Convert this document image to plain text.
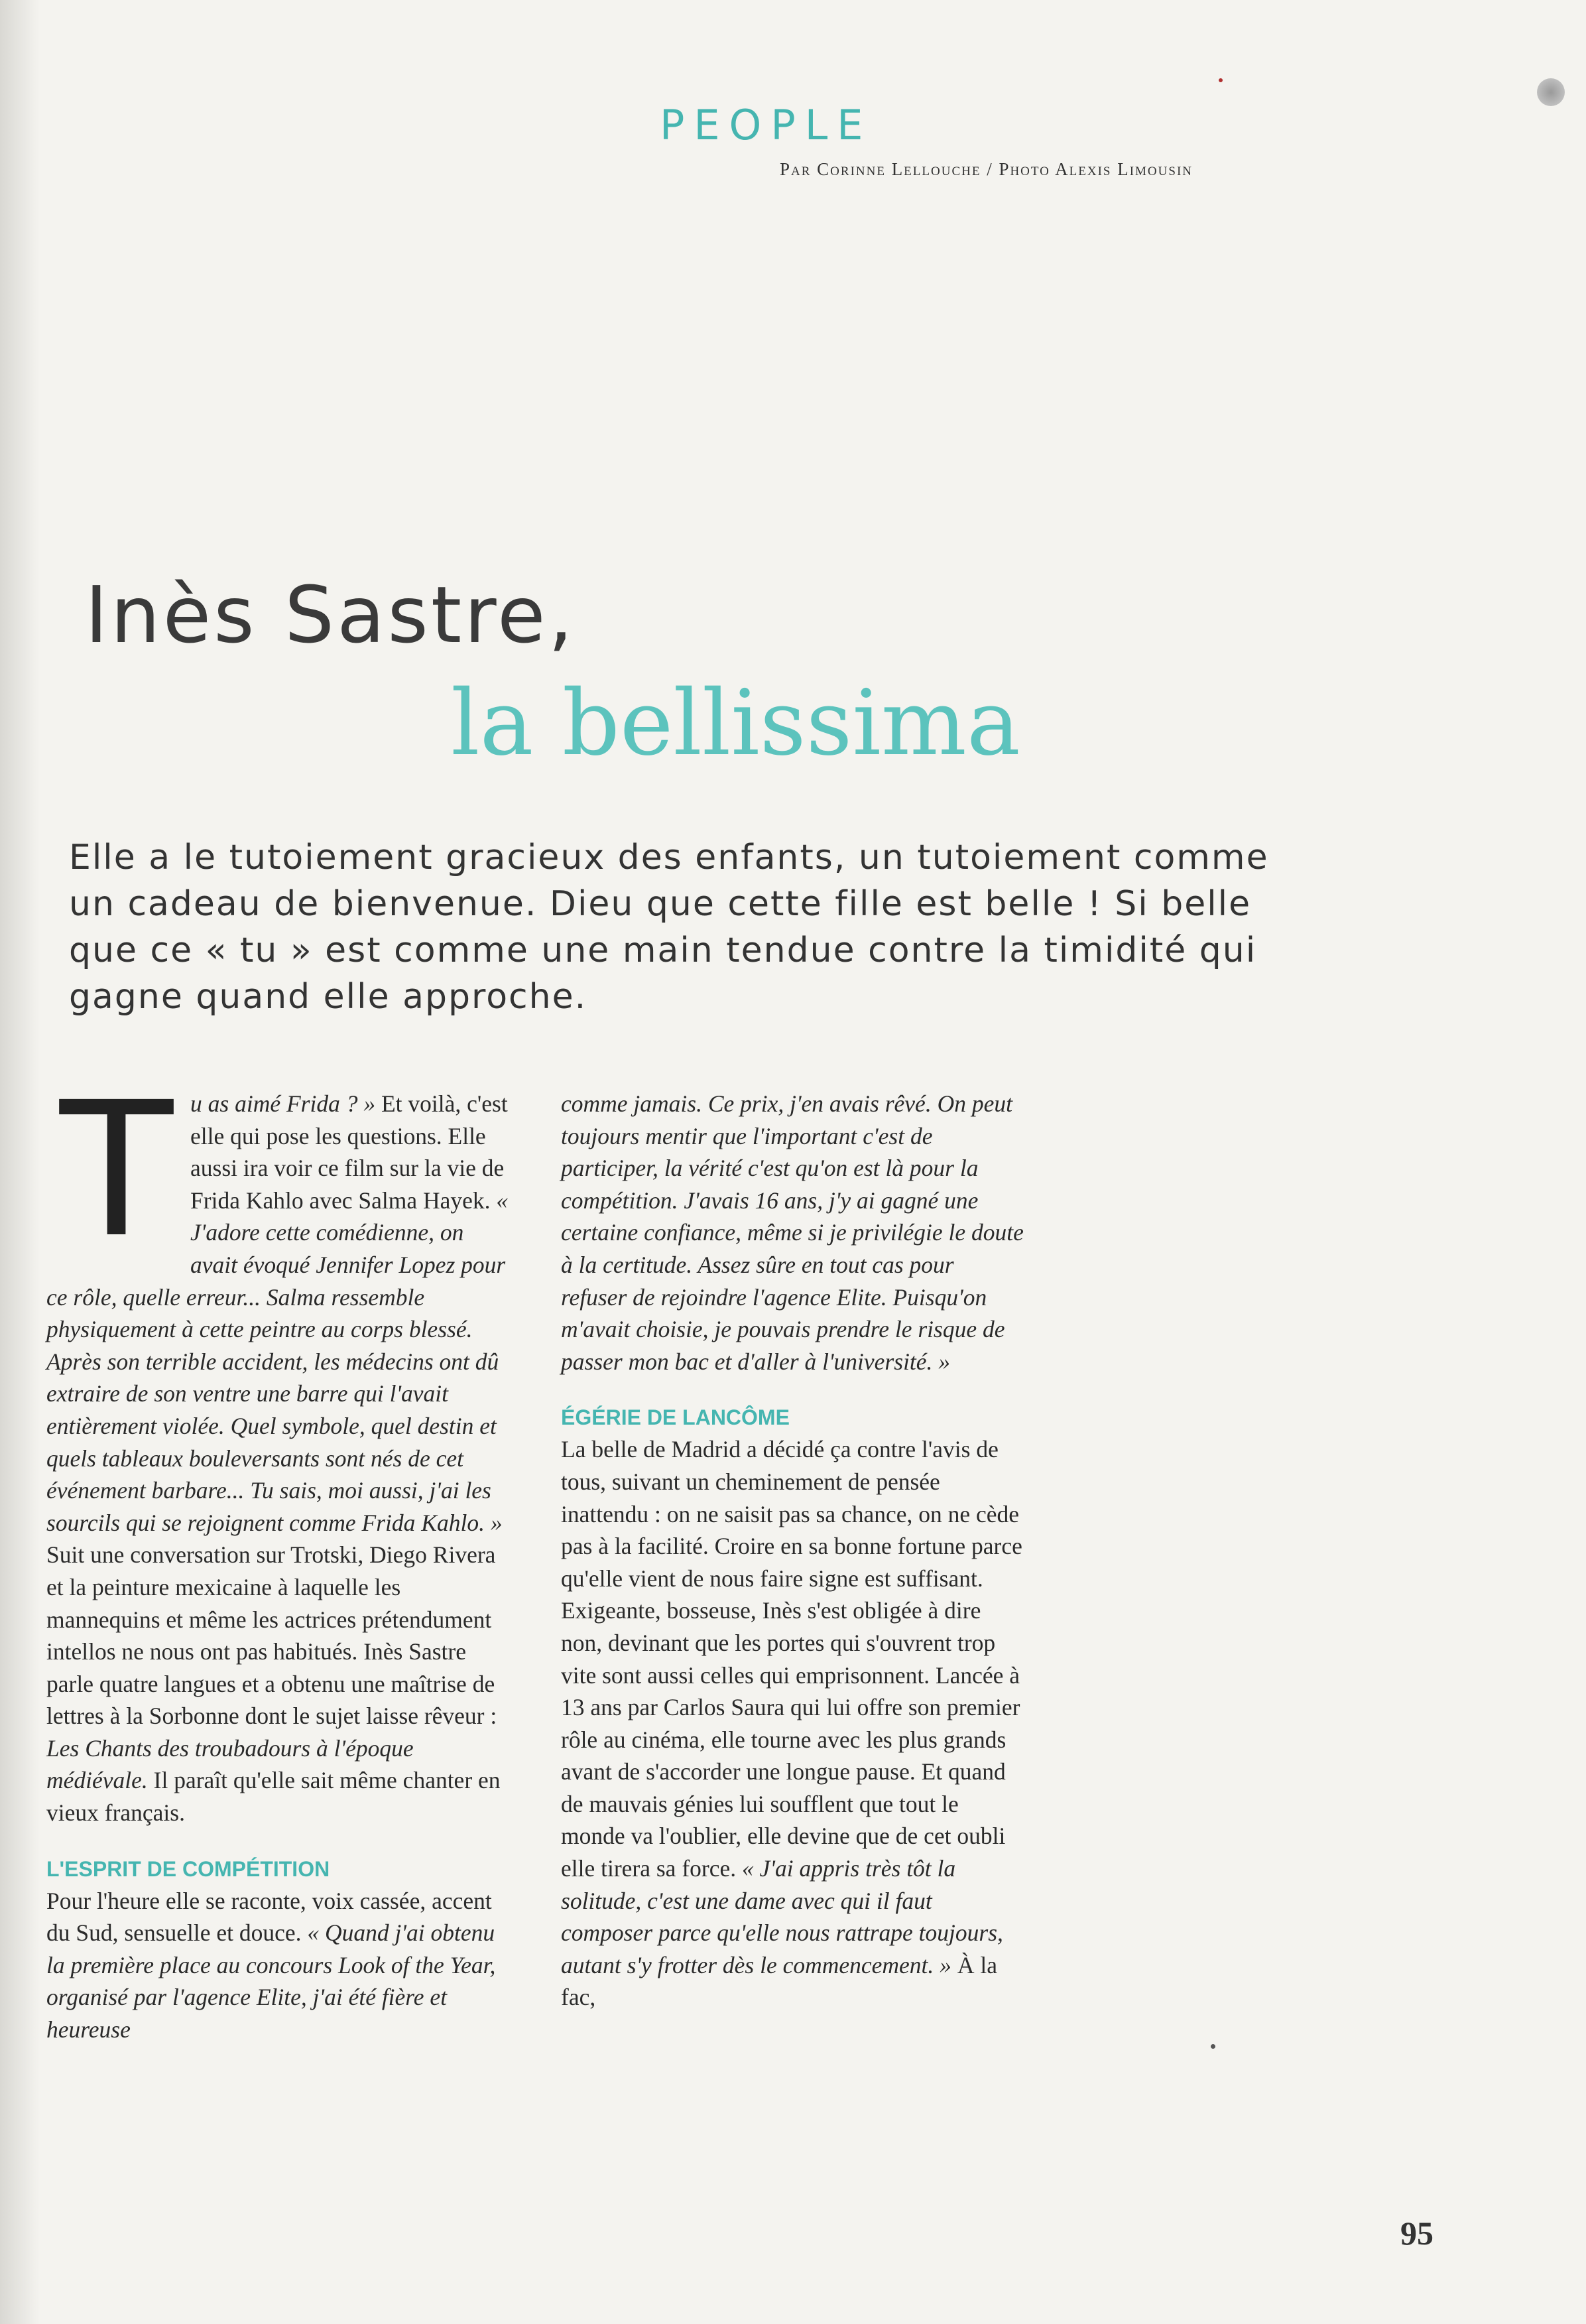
PEOPLE
Par Corinne Lellouche / Photo Alexis Limousin
Inès Sastre,
la bellissima

Elle a le tutoiement gracieux des enfants, un tutoiement comme un cadeau de bienvenue. Dieu que cette fille est belle ! Si belle que ce « tu » est comme une main tendue contre la timidité qui gagne quand elle approche.

T u as aimé Frida ? » Et voilà, c'est elle qui pose les questions. Elle aussi ira voir ce film sur la vie de Frida Kahlo avec Salma Hayek. « J'adore cette comédienne, on avait évoqué Jennifer Lopez pour ce rôle, quelle erreur... Salma ressemble physiquement à cette peintre au corps blessé. Après son terrible accident, les médecins ont dû extraire de son ventre une barre qui l'avait entièrement violée. Quel symbole, quel destin et quels tableaux bouleversants sont nés de cet événement barbare... Tu sais, moi aussi, j'ai les sourcils qui se rejoignent comme Frida Kahlo. » Suit une conversation sur Trotski, Diego Rivera et la peinture mexicaine à laquelle les mannequins et même les actrices prétendument intellos ne nous ont pas habitués. Inès Sastre parle quatre langues et a obtenu une maîtrise de lettres à la Sorbonne dont le sujet laisse rêveur : Les Chants des troubadours à l'époque médiévale. Il paraît qu'elle sait même chanter en vieux français.

L'ESPRIT DE COMPÉTITION

Pour l'heure elle se raconte, voix cassée, accent du Sud, sensuelle et douce. « Quand j'ai obtenu la première place au concours Look of the Year, organisé par l'agence Elite, j'ai été fière et heureuse

comme jamais. Ce prix, j'en avais rêvé. On peut toujours mentir que l'important c'est de participer, la vérité c'est qu'on est là pour la compétition. J'avais 16 ans, j'y ai gagné une certaine confiance, même si je privilégie le doute à la certitude. Assez sûre en tout cas pour refuser de rejoindre l'agence Elite. Puisqu'on m'avait choisie, je pouvais prendre le risque de passer mon bac et d'aller à l'université. »

ÉGÉRIE DE LANCÔME

La belle de Madrid a décidé ça contre l'avis de tous, suivant un cheminement de pensée inattendu : on ne saisit pas sa chance, on ne cède pas à la facilité. Croire en sa bonne fortune parce qu'elle vient de nous faire signe est suffisant. Exigeante, bosseuse, Inès s'est obligée à dire non, devinant que les portes qui s'ouvrent trop vite sont aussi celles qui emprisonnent. Lancée à 13 ans par Carlos Saura qui lui offre son premier rôle au cinéma, elle tourne avec les plus grands avant de s'accorder une longue pause. Et quand de mauvais génies lui soufflent que tout le monde va l'oublier, elle devine que de cet oubli elle tirera sa force. « J'ai appris très tôt la solitude, c'est une dame avec qui il faut composer parce qu'elle nous rattrape toujours, autant s'y frotter dès le commencement. » À la fac,

95
